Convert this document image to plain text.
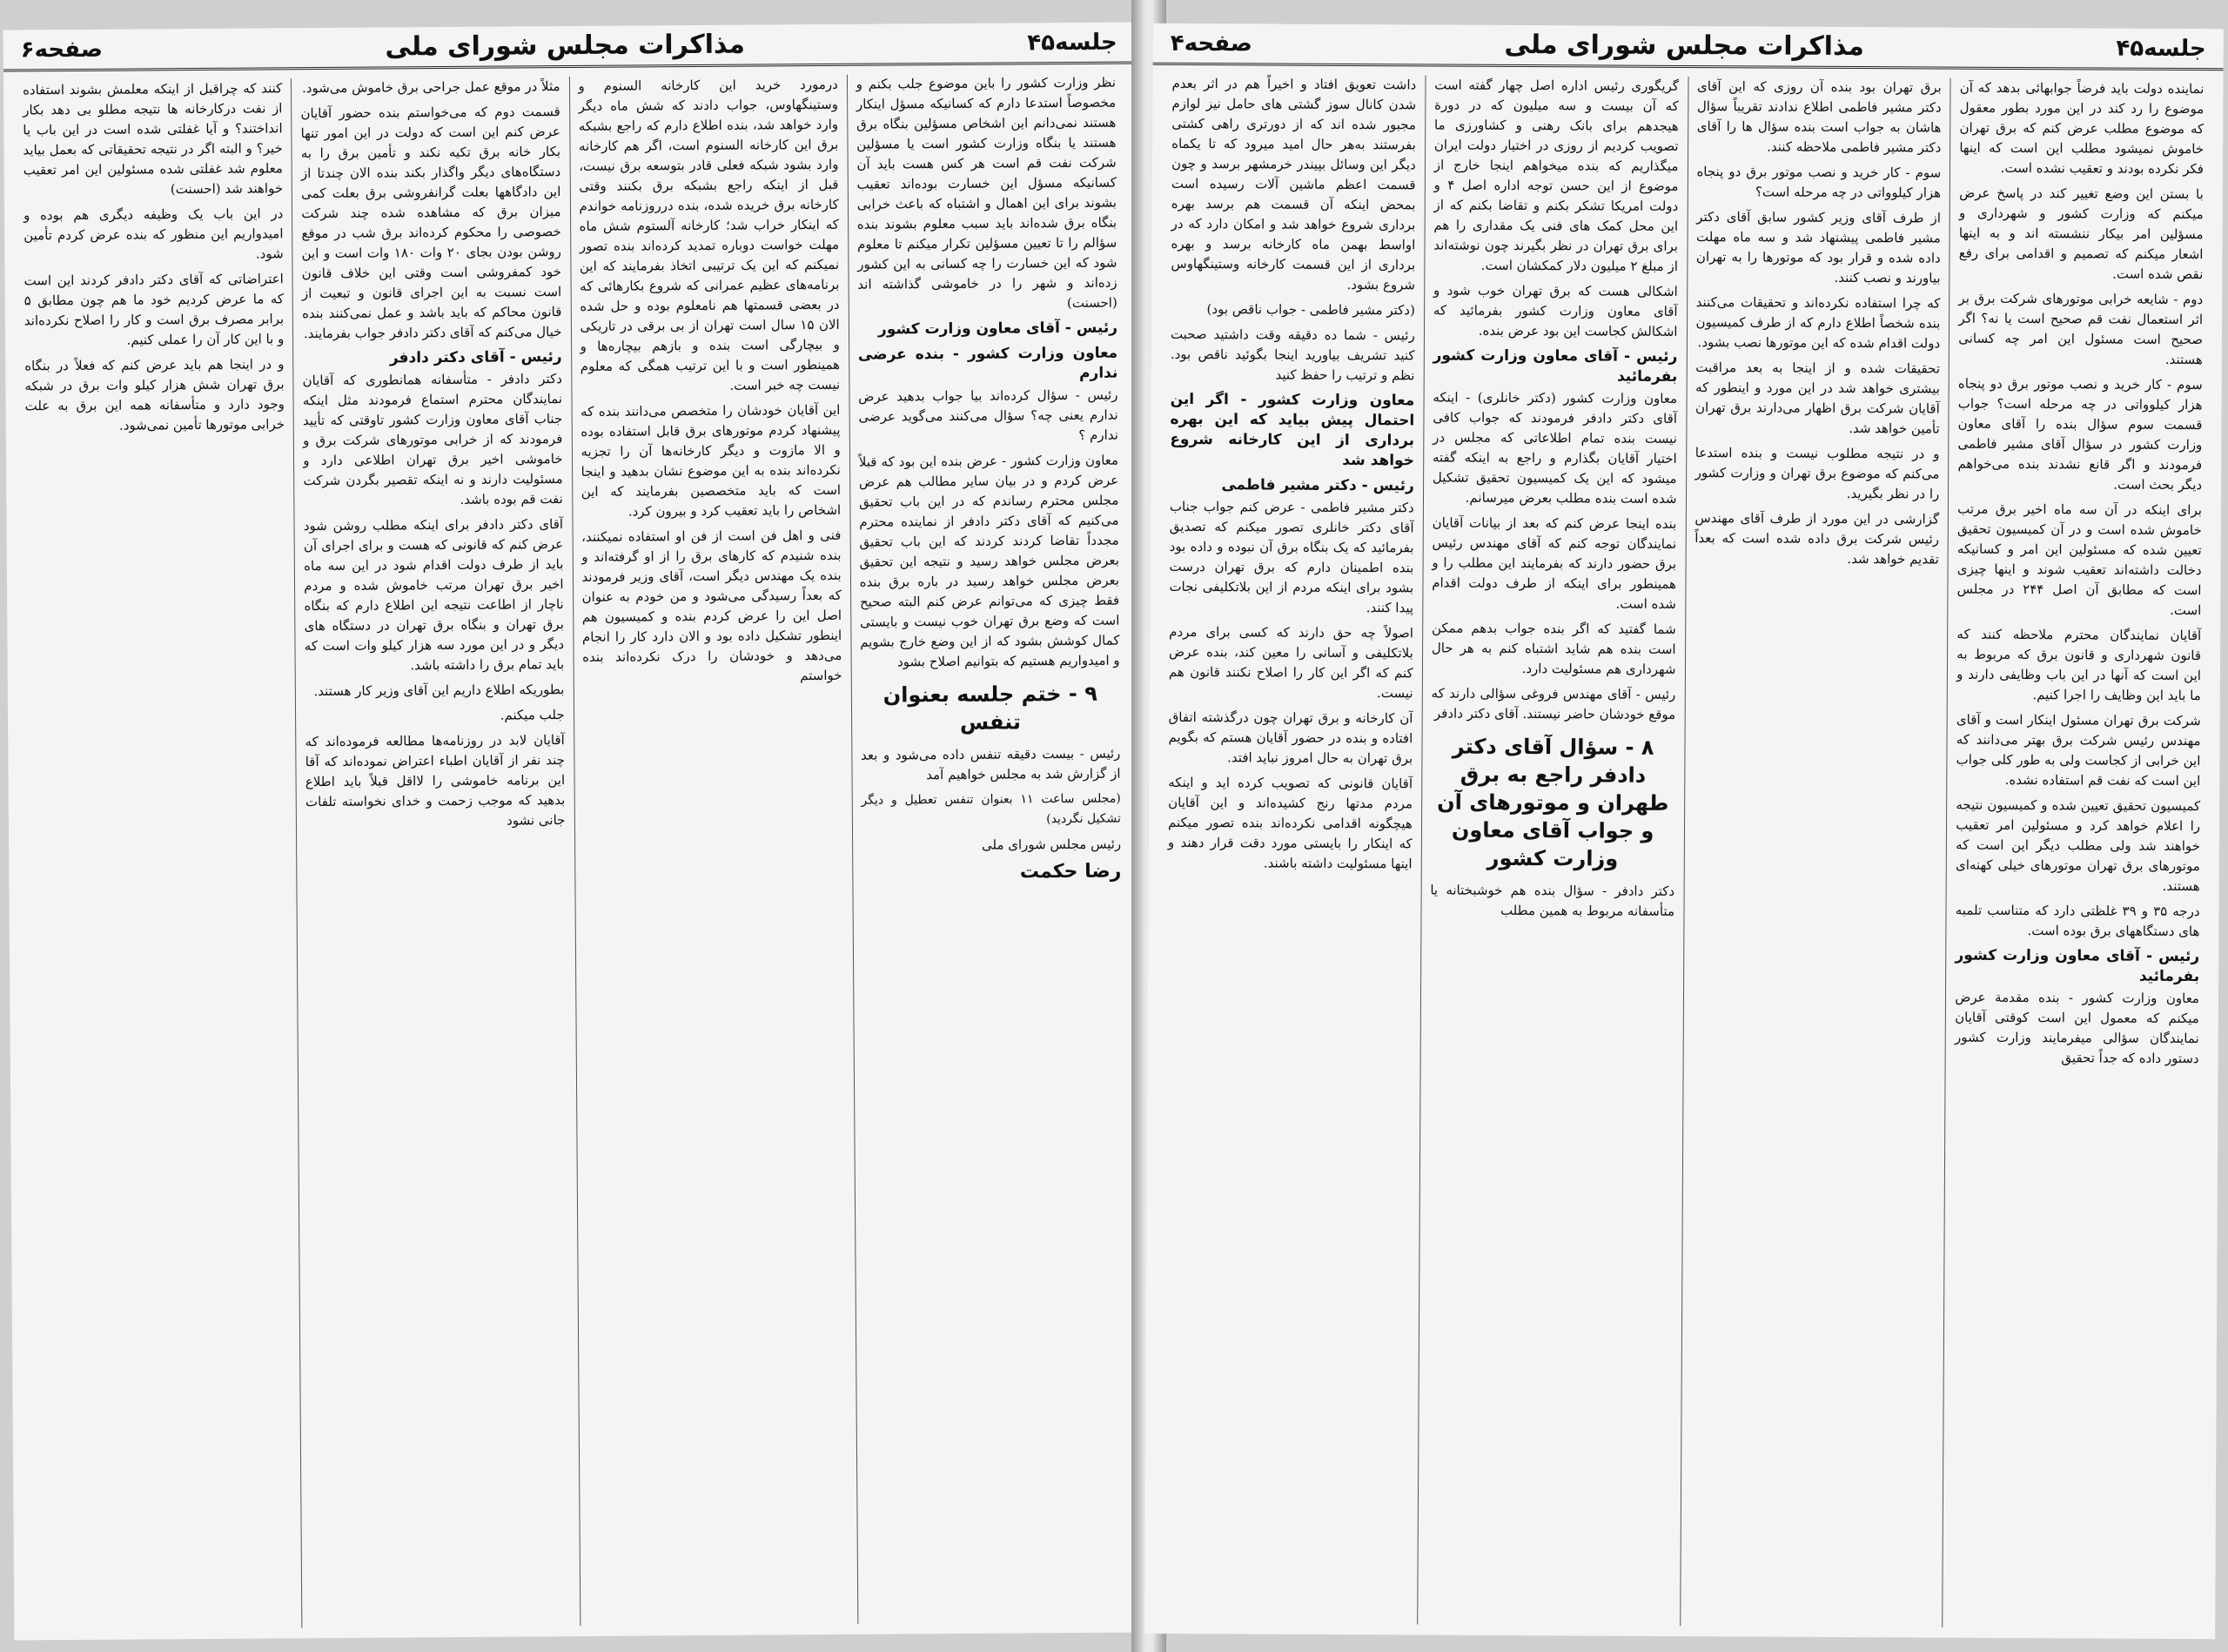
جلسه۴۵
مذاکرات مجلس شورای ملی
صفحه۶

نظر وزارت کشور را باین موضوع جلب بکنم و مخصوصاً استدعا دارم که کسانیکه مسؤل اینکار هستند نمی‌دانم این اشخاص مسؤلین بنگاه برق هستند یا بنگاه وزارت کشور است یا مسؤلین شرکت نفت قم است هر کس هست باید آن کسانیکه مسؤل این خسارت بوده‌اند تعقیب بشوند برای این اهمال و اشتباه که باعث خرابی بنگاه برق شده‌اند باید سبب معلوم بشوند بنده سؤالم را تا تعیین مسؤلین تکرار میکنم تا معلوم شود که این خسارت را چه کسانی به این کشور زده‌اند و شهر را در خاموشی گذاشته اند (احسنت)

رئیس - آقای معاون وزارت کشور
معاون وزارت کشور - بنده عرضی ندارم

رئیس - سؤال کرده‌اند بیا جواب بدهید عرض ندارم یعنی چه؟ سؤال می‌کنند می‌گوید عرضی ندارم ؟

معاون وزارت کشور - عرض بنده این بود که قبلاً عرض کردم و در بیان سایر مطالب هم عرض مجلس محترم رساندم که در این باب تحقیق می‌کنیم که آقای دکتر دادفر از نماینده محترم مجدداً تقاضا کردند کردند که این باب تحقیق بعرض مجلس خواهد رسید و نتیجه این تحقیق بعرض مجلس خواهد رسید در باره برق بنده فقط چیزی که می‌توانم عرض کنم البته صحیح است که وضع برق تهران خوب نیست و بایستی کمال کوشش بشود که از این وضع خارج بشویم و امیدواریم هستیم که بتوانیم اصلاح بشود

۹ - ختم جلسه بعنوان تنفس

رئیس - بیست دقیقه تنفس داده می‌شود و بعد از گزارش شد به مجلس خواهیم آمد

(مجلس ساعت ۱۱ بعنوان تنفس تعطیل و دیگر تشکیل نگردید)

رئیس مجلس شورای ملی

رضا حکمت

درمورد خرید این کارخانه السنوم و وستینگهاوس، جواب دادند که شش ماه دیگر وارد خواهد شد، بنده اطلاع دارم که راجع بشبکه برق این کارخانه السنوم است، اگر هم کارخانه وارد بشود شبکه فعلی قادر بتوسعه برق نیست، قبل از اینکه راجع بشبکه برق بکنند وقتی کارخانه برق خریده شده، بنده درروزنامه خواندم که اینکار خراب شد؛ کارخانه آلستوم شش ماه مهلت خواست دوباره تمدید کرده‌اند بنده تصور نمیکنم که این یک ترتیبی اتخاذ بفرمایند که این برنامه‌های عظیم عمرانی که شروع بکارهائی که در بعضی قسمتها هم نامعلوم بوده و حل شده الان ۱۵ سال است تهران از بی برقی در تاریکی و بیچارگی است بنده و بازهم بیچاره‌ها و همینطور است و با این ترتیب همگی که معلوم نیست چه خبر است.

این آقایان خودشان را متخصص می‌دانند بنده که پیشنهاد کردم موتورهای برق قابل استفاده بوده و الا مازوت و دیگر کارخانه‌ها آن را تجزیه نکرده‌اند بنده به این موضوع نشان بدهید و اینجا است که باید متخصصین بفرمایند که این اشخاص را باید تعقیب کرد و بیرون کرد.

فنی و اهل فن است از فن او استفاده نمیکنند، بنده شنیدم که کارهای برق را از او گرفته‌اند و بنده یک مهندس دیگر است، آقای وزیر فرمودند که بعداً رسیدگی می‌شود و من خودم به عنوان اصل این را عرض کردم بنده و کمیسیون هم اینطور تشکیل داده بود و الان دارد کار را انجام می‌دهد و خودشان را درک نکرده‌اند بنده خواستم

مثلاً در موقع عمل جراحی برق خاموش می‌شود.

قسمت دوم که می‌خواستم بنده حضور آقایان عرض کنم این است که دولت در این امور تنها بکار خانه برق تکیه نکند و تأمین برق را به دستگاه‌های دیگر واگذار بکند بنده الان چندتا از این دادگاهها بعلت گرانفروشی برق بعلت کمی میزان برق که مشاهده شده چند شرکت خصوصی را محکوم کرده‌اند برق شب در موقع روشن بودن بجای ۲۰ وات ۱۸۰ وات است و این خود کمفروشی است وقتی این خلاف قانون است نسبت به این اجرای قانون و تبعیت از قانون محاکم که باید باشد و عمل نمی‌کنند بنده خیال می‌کنم که آقای دکتر دادفر جواب بفرمایند.

رئیس - آقای دکتر دادفر

دکتر دادفر - متأسفانه همانطوری که آقایان نمایندگان محترم استماع فرمودند مثل اینکه جناب آقای معاون وزارت کشور تاوقتی که تأیید فرمودند که از خرابی موتورهای شرکت برق و خاموشی اخیر برق تهران اطلاعی دارد و مسئولیت دارند و نه اینکه تقصیر بگردن شرکت نفت قم بوده باشد.

آقای دکتر دادفر برای اینکه مطلب روشن شود عرض کنم که قانونی که هست و برای اجرای آن باید از طرف دولت اقدام شود در این سه ماه اخیر برق تهران مرتب خاموش شده و مردم ناچار از اطاعت نتیجه این اطلاع دارم که بنگاه برق تهران و بنگاه برق تهران در دستگاه های دیگر و در این مورد سه هزار کیلو وات است که باید تمام برق را داشته باشد.

بطوریکه اطلاع داریم این آقای وزیر کار هستند.

جلب میکنم.

آقایان لابد در روزنامه‌ها مطالعه فرموده‌اند که چند نفر از آقایان اطباء اعتراض نموده‌اند که آقا این برنامه خاموشی را لااقل قبلاً باید اطلاع بدهید که موجب زحمت و خدای نخواسته تلفات جانی نشود

کنند که چراقبل از اینکه معلمش بشوند استفاده از نفت درکارخانه ها نتیجه مطلو بی دهد بکار انداختند؟ و آیا غفلتی شده است در این باب یا خیر؟ و البته اگر در نتیجه تحقیقاتی که بعمل بیاید معلوم شد غفلتی شده مسئولین این امر تعقیب خواهند شد (احسنت)

در این باب یک وظیفه دیگری هم بوده و امیدواریم این منظور که بنده عرض کردم تأمین شود.

اعتراضاتی که آقای دکتر دادفر کردند این است که ما عرض کردیم خود ما هم چون مطابق ۵ برابر مصرف برق است و کار را اصلاح نکرده‌اند و با این کار آن را عملی کنیم.

و در اینجا هم باید عرض کنم که فعلاً در بنگاه برق تهران شش هزار کیلو وات برق در شبکه وجود دارد و متأسفانه همه این برق به علت خرابی موتورها تأمین نمی‌شود.

جلسه۴۵
مذاکرات مجلس شورای ملی
صفحه۴

نماینده دولت باید فرضاً جوابهائی بدهد که آن موضوع را رد کند در این مورد بطور معقول که موضوع مطلب عرض کنم که برق تهران خاموش نمیشود مطلب این است که اینها فکر نکرده بودند و تعقیب نشده است.

با بستن این وضع تغییر کند در پاسخ عرض میکنم که وزارت کشور و شهرداری و مسؤلین امر بیکار ننشسته اند و به اینها اشعار میکنم که تصمیم و اقدامی برای رفع نقص شده است.

دوم - شایعه خرابی موتورهای شرکت برق بر اثر استعمال نفت قم صحیح است یا نه؟ اگر صحیح است مسئول این امر چه کسانی هستند.

سوم - کار خرید و نصب موتور برق دو پنجاه هزار کیلوواتی در چه مرحله است؟ جواب قسمت سوم سؤال بنده را آقای معاون وزارت کشور در سؤال آقای مشیر فاطمی فرمودند و اگر قانع نشدند بنده می‌خواهم دیگر بحث است.

برای اینکه در آن سه ماه اخیر برق مرتب خاموش شده است و در آن کمیسیون تحقیق تعیین شده که مسئولین این امر و کسانیکه دخالت داشته‌اند تعقیب شوند و اینها چیزی است که مطابق آن اصل ۲۴۴ در مجلس است.

آقایان نمایندگان محترم ملاحظه کنند که قانون شهرداری و قانون برق که مربوط به این است که آنها در این باب وظایفی دارند و ما باید این وظایف را اجرا کنیم.

شرکت برق تهران مسئول اینکار است و آقای مهندس رئیس شرکت برق بهتر می‌دانند که این خرابی از کجاست ولی به طور کلی جواب این است که نفت قم استفاده نشده.

کمیسیون تحقیق تعیین شده و کمیسیون نتیجه را اعلام خواهد کرد و مسئولین امر تعقیب خواهند شد ولی مطلب دیگر این است که موتورهای برق تهران موتورهای خیلی کهنه‌ای هستند.

درجه ۳۵ و ۳۹ غلظتی دارد که متناسب تلمبه های دستگاههای برق بوده است.

رئیس - آقای معاون وزارت کشور بفرمائید

معاون وزارت کشور - بنده مقدمة عرض میکنم که معمول این است کوقتی آقایان نمایندگان سؤالی میفرمایند وزارت کشور دستور داده که جداً تحقیق

برق تهران بود بنده آن روزی که این آقای دکتر مشیر فاطمی اطلاع ندادند تقریباً سؤال هاشان به جواب است بنده سؤال ها را آقای دکتر مشیر فاطمی ملاحظه کنند.

سوم - کار خرید و نصب موتور برق دو پنجاه هزار کیلوواتی در چه مرحله است؟

از طرف آقای وزیر کشور سابق آقای دکتر مشیر فاطمی پیشنهاد شد و سه ماه مهلت داده شده و قرار بود که موتورها را به تهران بیاورند و نصب کنند.

که چرا استفاده نکرده‌اند و تحقیقات می‌کنند بنده شخصاً اطلاع دارم که از طرف کمیسیون دولت اقدام شده که این موتورها نصب بشود.

تحقیقات شده و از اینجا به بعد مراقبت بیشتری خواهد شد در این مورد و اینطور که آقایان شرکت برق اظهار می‌دارند برق تهران تأمین خواهد شد.

و در نتیجه مطلوب نیست و بنده استدعا می‌کنم که موضوع برق تهران و وزارت کشور را در نظر بگیرید.

گزارشی در این مورد از طرف آقای مهندس رئیس شرکت برق داده شده است که بعداً تقدیم خواهد شد.

گریگوری رئیس اداره اصل چهار گفته است که آن بیست و سه میلیون که در دورة هیجدهم برای بانک رهنی و کشاورزی ما تصویب کردیم از روزی در اختیار دولت ایران میگذاریم که بنده میخواهم اینجا خارج از موضوع از این حسن توجه اداره اصل ۴ و دولت امریکا تشکر بکنم و تقاضا بکنم که از این محل کمک های فنی یک مقداری را هم برای برق تهران در نظر بگیرند چون نوشته‌اند از مبلغ ۲ میلیون دلار کمکشان است.

اشکالی هست که برق تهران خوب شود و آقای معاون وزارت کشور بفرمائید که اشکالش کجاست این بود عرض بنده.

رئیس - آقای معاون وزارت کشور بفرمائید

معاون وزارت کشور (دکتر خانلری) - اینکه آقای دکتر دادفر فرمودند که جواب کافی نیست بنده تمام اطلاعاتی که مجلس در اختیار آقایان بگذارم و راجع به اینکه گفته میشود که این یک کمیسیون تحقیق تشکیل شده است بنده مطلب بعرض میرسانم.

بنده اینجا عرض کنم که بعد از بیانات آقایان نمایندگان توجه کنم که آقای مهندس رئیس برق حضور دارند که بفرمایند این مطلب را و همینطور برای اینکه از طرف دولت اقدام شده است.

شما گفتید که اگر بنده جواب بدهم ممکن است بنده هم شاید اشتباه کنم به هر حال شهرداری هم مسئولیت دارد.

رئیس - آقای مهندس فروغی سؤالی دارند که موقع خودشان حاضر نیستند. آقای دکتر دادفر

۸ - سؤال آقای دکتر دادفر راجع به برق طهران و موتورهای آن و جواب آقای معاون وزارت کشور

دکتر دادفر - سؤال بنده هم خوشبختانه یا متأسفانه مربوط به همین مطلب

داشت تعویق افتاد و اخیراً هم در اثر بعدم شدن کانال سوز گشتی های حامل نیز لوازم مجبور شده اند که از دورتری راهی کشتی بفرستند به‌هر حال امید میرود که تا یکماه دیگر این وسائل بپیندر خرمشهر برسد و چون قسمت اعظم ماشین آلات رسیده است بمحض اینکه آن قسمت هم برسد بهره برداری شروع خواهد شد و امکان دارد که در اواسط بهمن ماه کارخانه برسد و بهره برداری از این قسمت کارخانه وستینگهاوس شروع بشود.

(دکتر مشیر فاطمی - جواب ناقص بود)

رئیس - شما ده دقیقه وقت داشتید صحبت کنید تشریف بیاورید اینجا بگوئید ناقص بود. نظم و ترتیب را حفظ کنید

معاون وزارت کشور - اگر این احتمال پیش بیاید که این بهره برداری از این کارخانه شروع خواهد شد
رئیس - دکتر مشیر فاطمی

دکتر مشیر فاطمی - عرض کنم جواب جناب آقای دکتر خانلری تصور میکنم که تصدیق بفرمائید که یک بنگاه برق آن نبوده و داده بود بنده اطمینان دارم که برق تهران درست بشود برای اینکه مردم از این بلاتکلیفی نجات پیدا کنند.

اصولاً چه حق دارند که کسی برای مردم بلاتکلیفی و آسانی را معین کند، بنده عرض کنم که اگر این کار را اصلاح نکنند قانون هم نیست.

آن کارخانه و برق تهران چون درگذشته اتفاق افتاده و بنده در حضور آقایان هستم که بگویم برق تهران به حال امروز نباید افتد.

آقایان قانونی که تصویب کرده اید و اینکه مردم مدتها رنج کشیده‌اند و این آقایان هیچگونه اقدامی نکرده‌اند بنده تصور میکنم که اینکار را بایستی مورد دقت قرار دهند و اینها مسئولیت داشته باشند.
